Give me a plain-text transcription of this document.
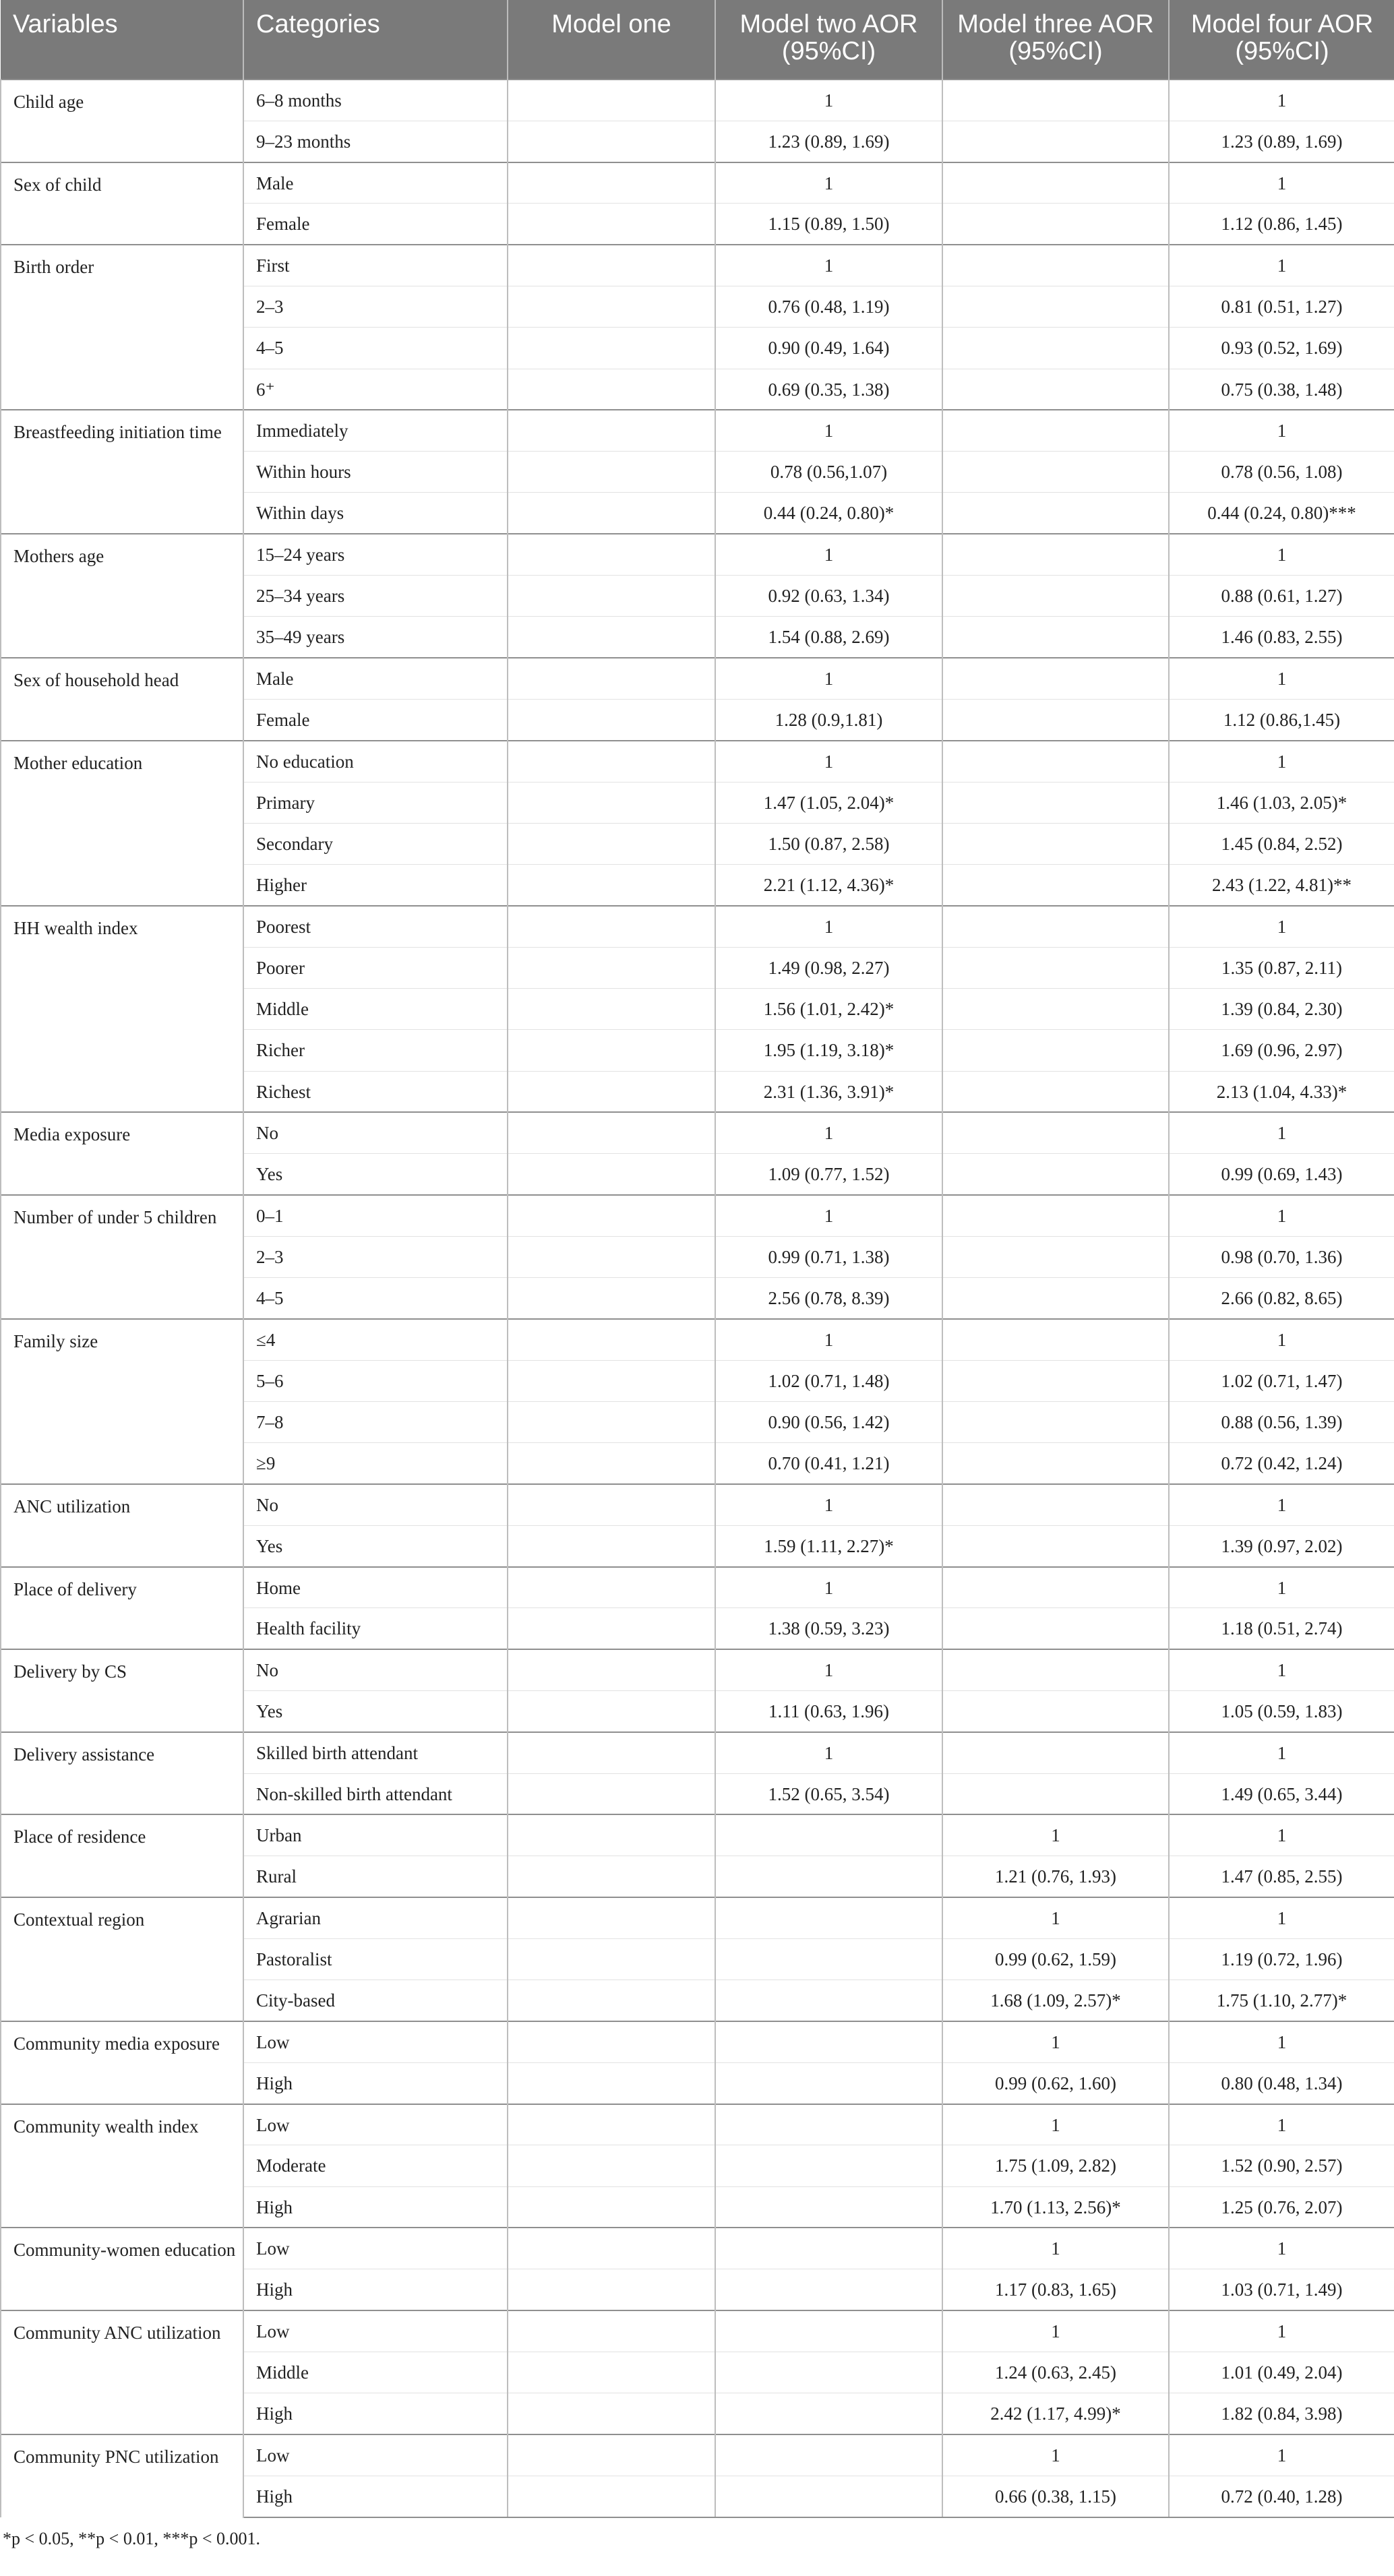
Variables	Categories	Model one	Model two AOR (95%CI)	Model three AOR (95%CI)	Model four AOR (95%CI)
Child age	6–8 months		1		1
	9–23 months		1.23 (0.89, 1.69)		1.23 (0.89, 1.69)
Sex of child	Male		1		1
	Female		1.15 (0.89, 1.50)		1.12 (0.86, 1.45)
Birth order	First		1		1
	2–3		0.76 (0.48, 1.19)		0.81 (0.51, 1.27)
	4–5		0.90 (0.49, 1.64)		0.93 (0.52, 1.69)
	6⁺		0.69 (0.35, 1.38)		0.75 (0.38, 1.48)
Breastfeeding initiation time	Immediately		1		1
	Within hours		0.78 (0.56,1.07)		0.78 (0.56, 1.08)
	Within days		0.44 (0.24, 0.80)*		0.44 (0.24, 0.80)***
Mothers age	15–24 years		1		1
	25–34 years		0.92 (0.63, 1.34)		0.88 (0.61, 1.27)
	35–49 years		1.54 (0.88, 2.69)		1.46 (0.83, 2.55)
Sex of household head	Male		1		1
	Female		1.28 (0.9,1.81)		1.12 (0.86,1.45)
Mother education	No education		1		1
	Primary		1.47 (1.05, 2.04)*		1.46 (1.03, 2.05)*
	Secondary		1.50 (0.87, 2.58)		1.45 (0.84, 2.52)
	Higher		2.21 (1.12, 4.36)*		2.43 (1.22, 4.81)**
HH wealth index	Poorest		1		1
	Poorer		1.49 (0.98, 2.27)		1.35 (0.87, 2.11)
	Middle		1.56 (1.01, 2.42)*		1.39 (0.84, 2.30)
	Richer		1.95 (1.19, 3.18)*		1.69 (0.96, 2.97)
	Richest		2.31 (1.36, 3.91)*		2.13 (1.04, 4.33)*
Media exposure	No		1		1
	Yes		1.09 (0.77, 1.52)		0.99 (0.69, 1.43)
Number of under 5 children	0–1		1		1
	2–3		0.99 (0.71, 1.38)		0.98 (0.70, 1.36)
	4–5		2.56 (0.78, 8.39)		2.66 (0.82, 8.65)
Family size	≤4		1		1
	5–6		1.02 (0.71, 1.48)		1.02 (0.71, 1.47)
	7–8		0.90 (0.56, 1.42)		0.88 (0.56, 1.39)
	≥9		0.70 (0.41, 1.21)		0.72 (0.42, 1.24)
ANC utilization	No		1		1
	Yes		1.59 (1.11, 2.27)*		1.39 (0.97, 2.02)
Place of delivery	Home		1		1
	Health facility		1.38 (0.59, 3.23)		1.18 (0.51, 2.74)
Delivery by CS	No		1		1
	Yes		1.11 (0.63, 1.96)		1.05 (0.59, 1.83)
Delivery assistance	Skilled birth attendant		1		1
	Non-skilled birth attendant		1.52 (0.65, 3.54)		1.49 (0.65, 3.44)
Place of residence	Urban			1	1
	Rural			1.21 (0.76, 1.93)	1.47 (0.85, 2.55)
Contextual region	Agrarian			1	1
	Pastoralist			0.99 (0.62, 1.59)	1.19 (0.72, 1.96)
	City-based			1.68 (1.09, 2.57)*	1.75 (1.10, 2.77)*
Community media exposure	Low			1	1
	High			0.99 (0.62, 1.60)	0.80 (0.48, 1.34)
Community wealth index	Low			1	1
	Moderate			1.75 (1.09, 2.82)	1.52 (0.90, 2.57)
	High			1.70 (1.13, 2.56)*	1.25 (0.76, 2.07)
Community-women education	Low			1	1
	High			1.17 (0.83, 1.65)	1.03 (0.71, 1.49)
Community ANC utilization	Low			1	1
	Middle			1.24 (0.63, 2.45)	1.01 (0.49, 2.04)
	High			2.42 (1.17, 4.99)*	1.82 (0.84, 3.98)
Community PNC utilization	Low			1	1
	High			0.66 (0.38, 1.15)	0.72 (0.40, 1.28)
*p < 0.05, **p < 0.01, ***p < 0.001.
